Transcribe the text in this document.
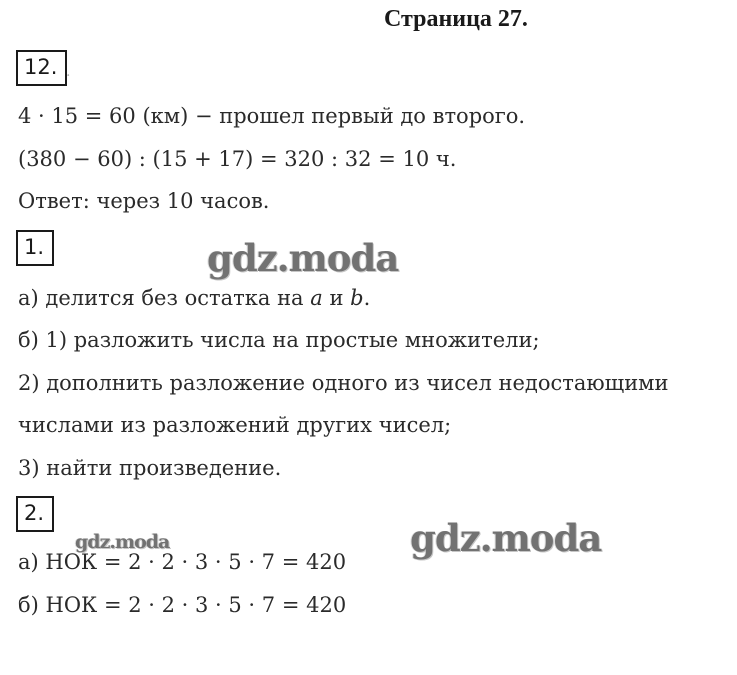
Страница 27.
12. .
4 · 15 = 60 (км) − прошел первый до второго.
(380 − 60) : (15 + 17) = 320 : 32 = 10 ч.
Ответ: через 10 часов.
1.	gdz.moda
а) делится без остатка на a и b.
б) 1) разложить числа на простые множители;
2) дополнить разложение одного из чисел недостающими
числами из разложений других чисел;
3) найти произведение.
2.
gdz.moda	gdz.moda
а) НОК = 2 · 2 · 3 · 5 · 7 = 420
б) НОК = 2 · 2 · 3 · 5 · 7 = 420
